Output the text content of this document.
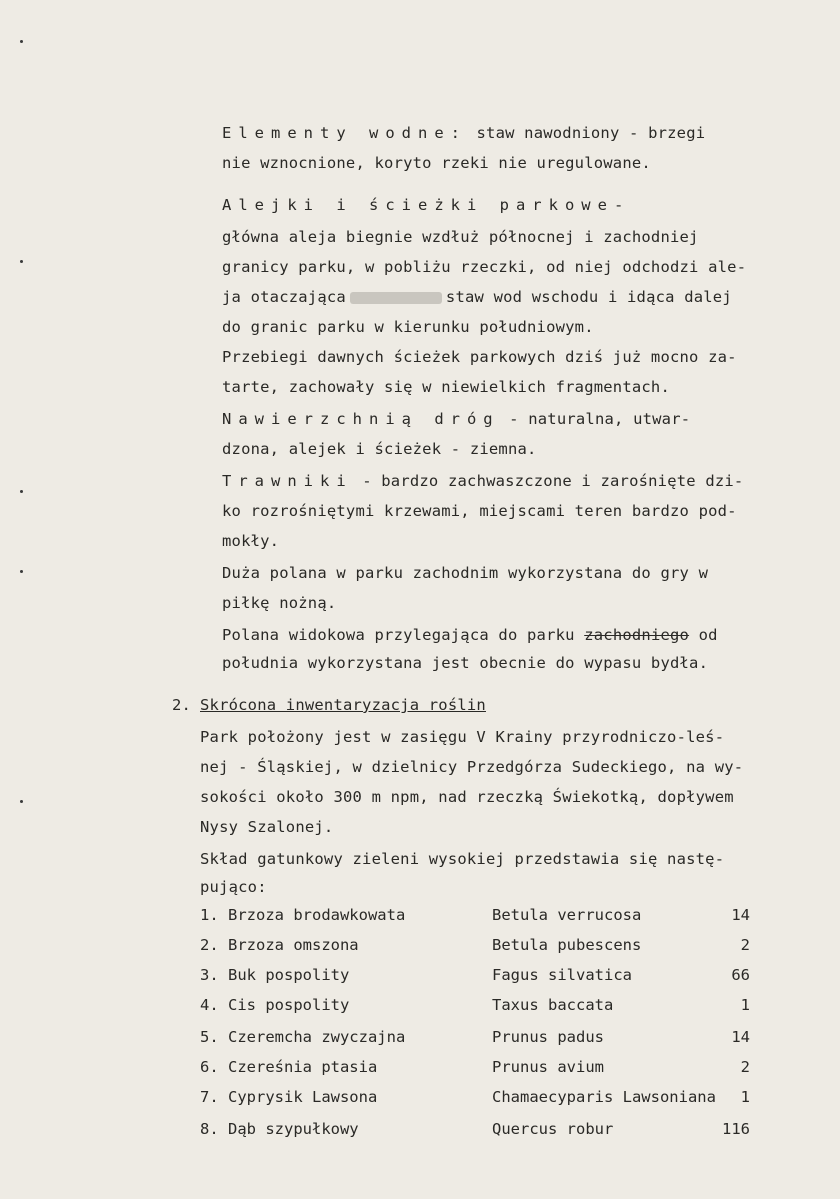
Elementy wodne: staw nawodniony - brzegi
nie wznocnione, koryto rzeki nie uregulowane.
Alejki i ścieżki parkowe-
główna aleja biegnie wzdłuż północnej i zachodniej
granicy parku, w pobliżu rzeczki, od niej odchodzi ale-
ja otaczająca	staw wod wschodu i idąca dalej
do granic parku w kierunku południowym.
Przebiegi dawnych ścieżek parkowych dziś już mocno za-
tarte, zachowały się w niewielkich fragmentach.
Nawierzchnią dróg - naturalna, utwar-
dzona, alejek i ścieżek - ziemna.
Trawniki - bardzo zachwaszczone i zarośnięte dzi-
ko rozrośniętymi krzewami, miejscami teren bardzo pod-
mokły.
Duża polana w parku zachodnim wykorzystana do gry w
piłkę nożną.
Polana widokowa przylegająca do parku zachodniego od
południa wykorzystana jest obecnie do wypasu bydła.
2. Skrócona inwentaryzacja roślin
Park położony jest w zasięgu V Krainy przyrodniczo-leś-
nej - Śląskiej, w dzielnicy Przedgórza Sudeckiego, na wy-
sokości około 300 m npm, nad rzeczką Świekotką, dopływem
Nysy Szalonej.
Skład gatunkowy zieleni wysokiej przedstawia się nastę-
pująco:
1. Brzoza brodawkowata	Betula verrucosa	14
2. Brzoza omszona	Betula pubescens	2
3. Buk pospolity	Fagus silvatica	66
4. Cis pospolity	Taxus baccata	1
5. Czeremcha zwyczajna	Prunus padus	14
6. Czereśnia ptasia	Prunus avium	2
7. Cyprysik Lawsona	Chamaecyparis Lawsoniana 1
8. Dąb szypułkowy	Quercus robur	116
